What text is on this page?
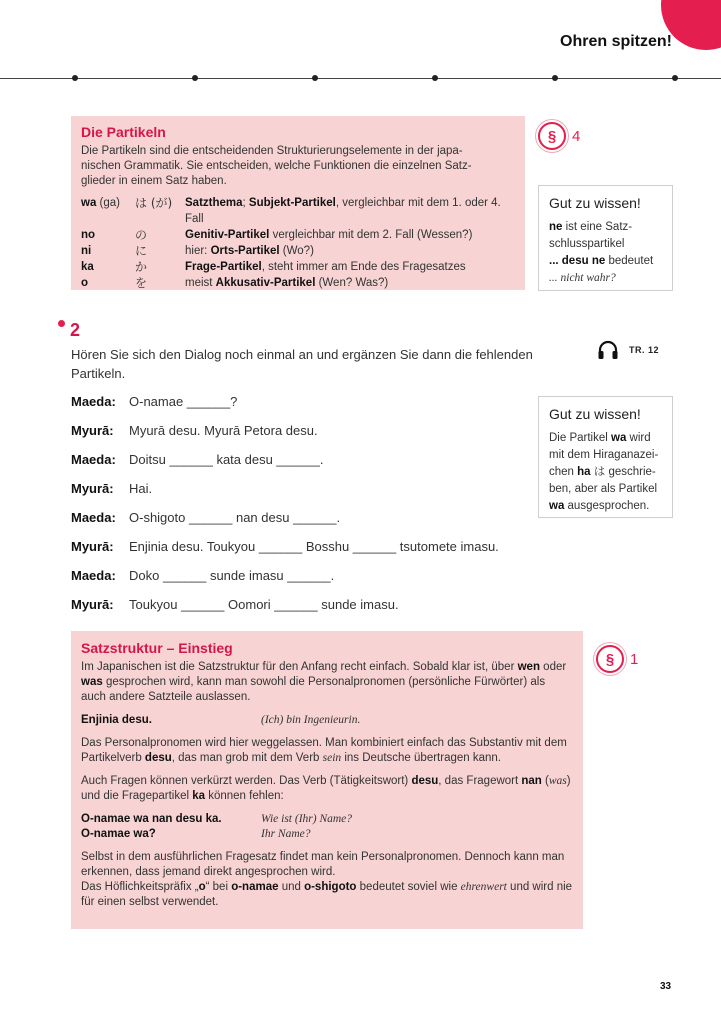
Ohren spitzen!
Die Partikeln
Die Partikeln sind die entscheidenden Strukturierungselemente in der japa-
nischen Grammatik. Sie entscheiden, welche Funktionen die einzelnen Satz-
glieder in einem Satz haben.
wa (ga)	は (が)	Satzthema; Subjekt-Partikel, vergleichbar mit dem 1. oder 4. Fall
no	の	Genitiv-Partikel vergleichbar mit dem 2. Fall (Wessen?)
ni	に	hier: Orts-Partikel (Wo?)
ka	か	Frage-Partikel, steht immer am Ende des Fragesatzes
o	を	meist Akkusativ-Partikel (Wen? Was?)
§	4
Gut zu wissen!
ne ist eine Satz-
schlusspartikel
... desu ne bedeutet
... nicht wahr?
2
Hören Sie sich den Dialog noch einmal an und ergänzen Sie dann die fehlenden Partikeln.
TR. 12
Maeda:	O-namae ______?
Myurā:	Myurā desu. Myurā Petora desu.
Maeda:	Doitsu ______ kata desu ______.
Myurā:	Hai.
Maeda:	O-shigoto ______ nan desu ______.
Myurā:	Enjinia desu. Toukyou ______ Bosshu ______ tsutomete imasu.
Maeda:	Doko ______ sunde imasu ______.
Myurā:	Toukyou ______ Oomori ______ sunde imasu.
Gut zu wissen!
Die Partikel wa wird
mit dem Hiraganazei-
chen ha は geschrie-
ben, aber als Partikel
wa ausgesprochen.
Satzstruktur – Einstieg
Im Japanischen ist die Satzstruktur für den Anfang recht einfach. Sobald klar ist, über wen oder was gesprochen wird, kann man sowohl die Personalpronomen (persönliche Fürwörter) als auch andere Satzteile auslassen.
Enjinia desu.	(Ich) bin Ingenieurin.
Das Personalpronomen wird hier weggelassen. Man kombiniert einfach das Substantiv mit dem Partikelverb desu, das man grob mit dem Verb sein ins Deutsche übertragen kann.
Auch Fragen können verkürzt werden. Das Verb (Tätigkeitswort) desu, das Fragewort nan (was) und die Fragepartikel ka können fehlen:
O-namae wa nan desu ka.	Wie ist (Ihr) Name?
O-namae wa?	Ihr Name?
Selbst in dem ausführlichen Fragesatz findet man kein Personalpronomen. Dennoch kann man erkennen, dass jemand direkt angesprochen wird.
Das Höflichkeitspräfix „o“ bei o-namae und o-shigoto bedeutet soviel wie ehrenwert und wird nie für einen selbst verwendet.
§	1
33
